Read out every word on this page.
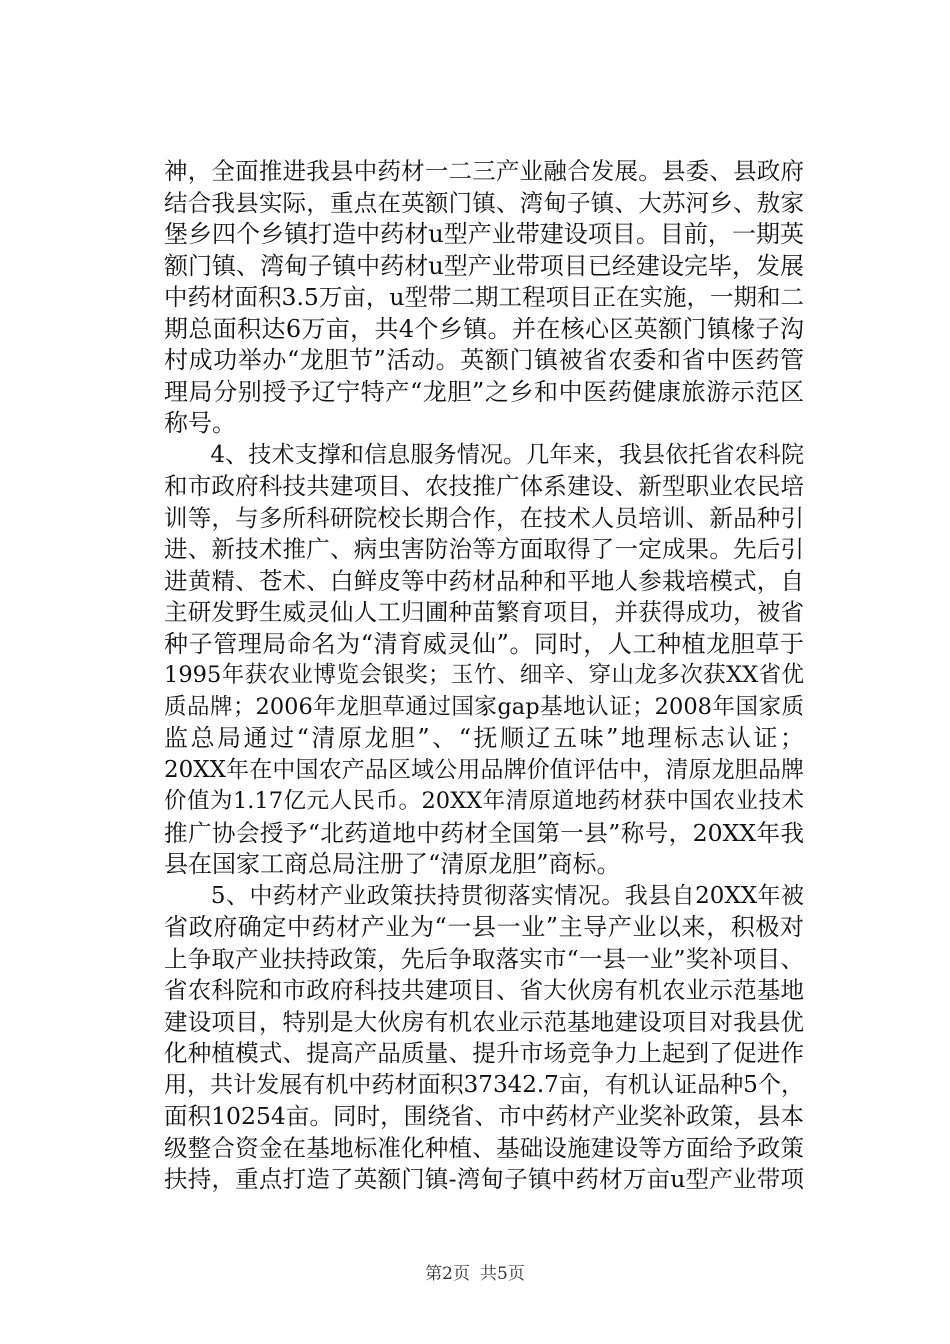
神，全面推进我县中药材一二三产业融合发展。县委、县政府
结合我县实际，重点在英额门镇、湾甸子镇、大苏河乡、敖家
堡乡四个乡镇打造中药材u型产业带建设项目。目前，一期英
额门镇、湾甸子镇中药材u型产业带项目已经建设完毕，发展
中药材面积3.5万亩，u型带二期工程项目正在实施，一期和二
期总面积达6万亩，共4个乡镇。并在核心区英额门镇椽子沟
村成功举办“龙胆节”活动。英额门镇被省农委和省中医药管
理局分别授予辽宁特产“龙胆”之乡和中医药健康旅游示范区
称号。
　　4、技术支撑和信息服务情况。几年来，我县依托省农科院
和市政府科技共建项目、农技推广体系建设、新型职业农民培
训等，与多所科研院校长期合作，在技术人员培训、新品种引
进、新技术推广、病虫害防治等方面取得了一定成果。先后引
进黄精、苍术、白鲜皮等中药材品种和平地人参栽培模式，自
主研发野生威灵仙人工归圃种苗繁育项目，并获得成功，被省
种子管理局命名为“清育威灵仙”。同时，人工种植龙胆草于
1995年获农业博览会银奖；玉竹、细辛、穿山龙多次获XX省优
质品牌；2006年龙胆草通过国家gap基地认证；2008年国家质
监总局通过“清原龙胆”、“抚顺辽五味”地理标志认证；
20XX年在中国农产品区域公用品牌价值评估中，清原龙胆品牌
价值为1.17亿元人民币。20XX年清原道地药材获中国农业技术
推广协会授予“北药道地中药材全国第一县”称号，20XX年我
县在国家工商总局注册了“清原龙胆”商标。
　　5、中药材产业政策扶持贯彻落实情况。我县自20XX年被
省政府确定中药材产业为“一县一业”主导产业以来，积极对
上争取产业扶持政策，先后争取落实市“一县一业”奖补项目、
省农科院和市政府科技共建项目、省大伙房有机农业示范基地
建设项目，特别是大伙房有机农业示范基地建设项目对我县优
化种植模式、提高产品质量、提升市场竞争力上起到了促进作
用，共计发展有机中药材面积37342.7亩，有机认证品种5个，
面积10254亩。同时，围绕省、市中药材产业奖补政策，县本
级整合资金在基地标准化种植、基础设施建设等方面给予政策
扶持，重点打造了英额门镇-湾甸子镇中药材万亩u型产业带项
第2页 共5页
